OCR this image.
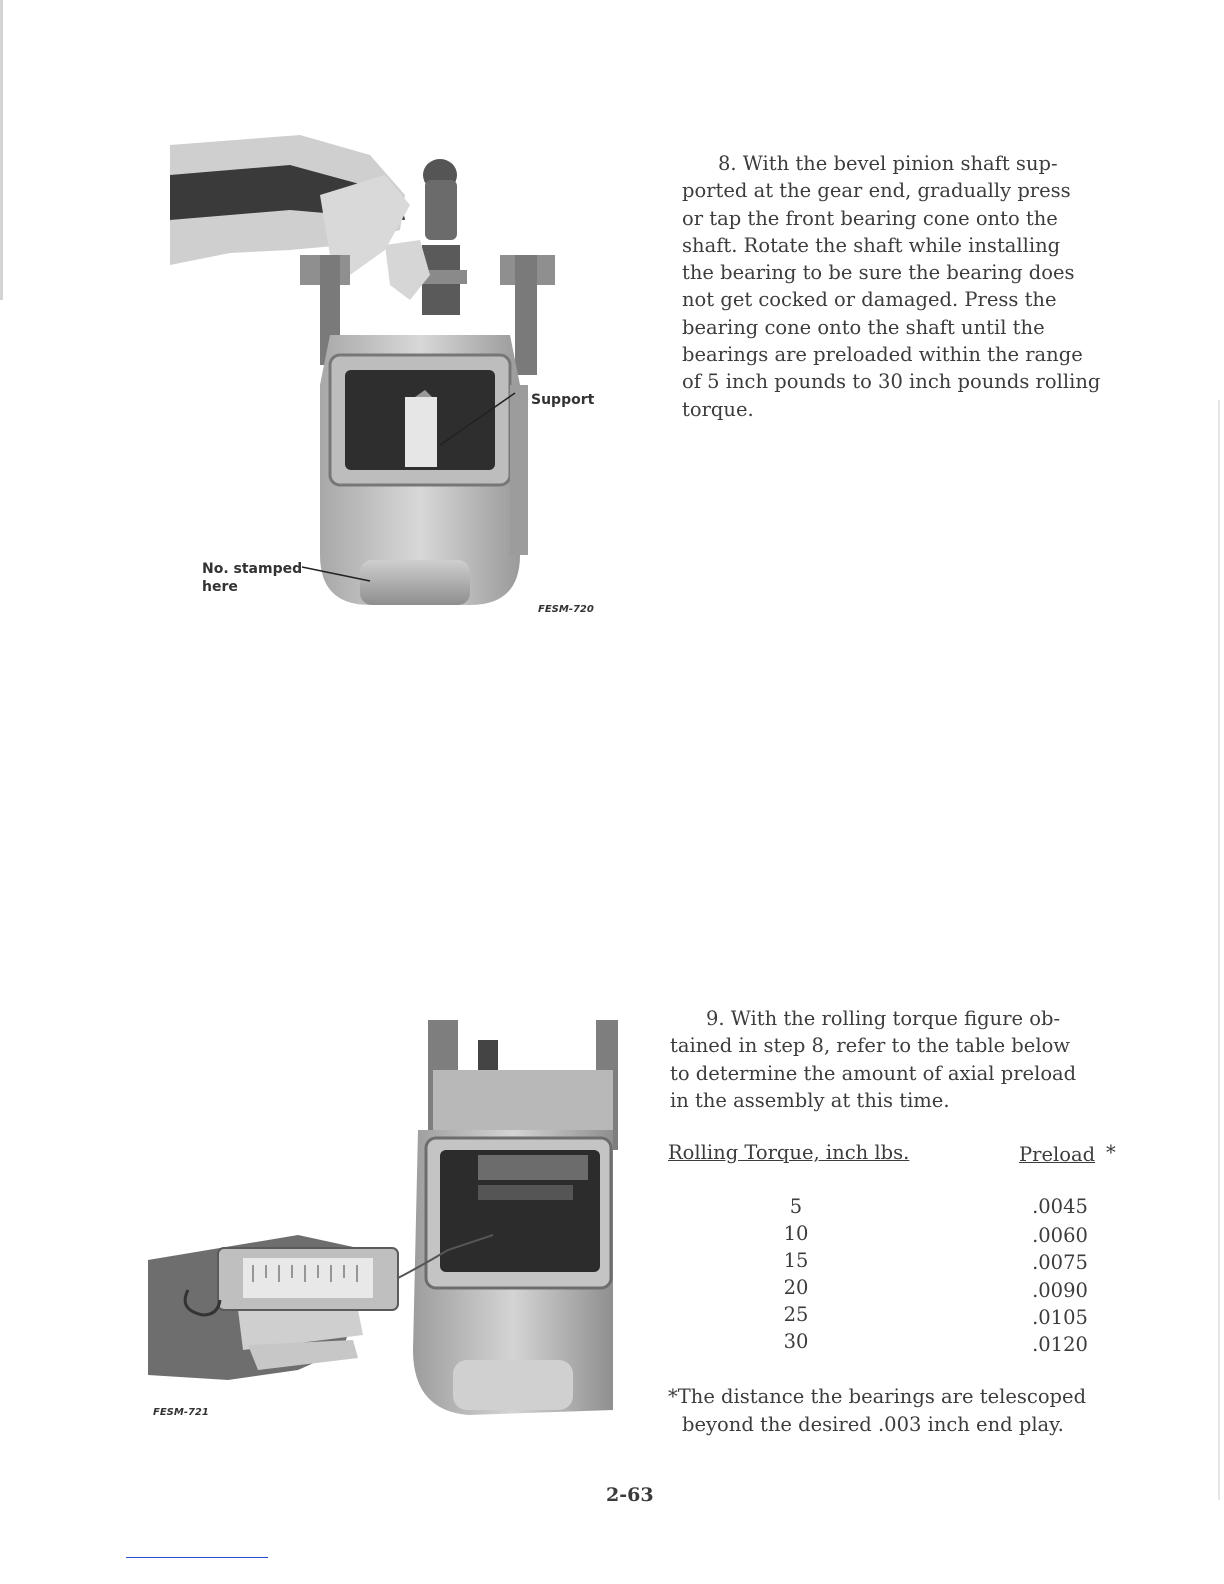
Support
No. stamped
here
FESM-720
8. With the bevel pinion shaft sup-
ported at the gear end, gradually press
or tap the front bearing cone onto the
shaft. Rotate the shaft while installing
the bearing to be sure the bearing does
not get cocked or damaged. Press the
bearing cone onto the shaft until the
bearings are preloaded within the range
of 5 inch pounds to 30 inch pounds rolling
torque.
FESM-721
9. With the rolling torque figure ob-
tained in step 8, refer to the table below
to determine the amount of axial preload
in the assembly at this time.
Rolling Torque, inch lbs.	Preload *
5	.0045
10	.0060
15	.0075
20	.0090
25	.0105
30	.0120
*The distance the bearings are telescoped
beyond the desired .003 inch end play.
2-63
